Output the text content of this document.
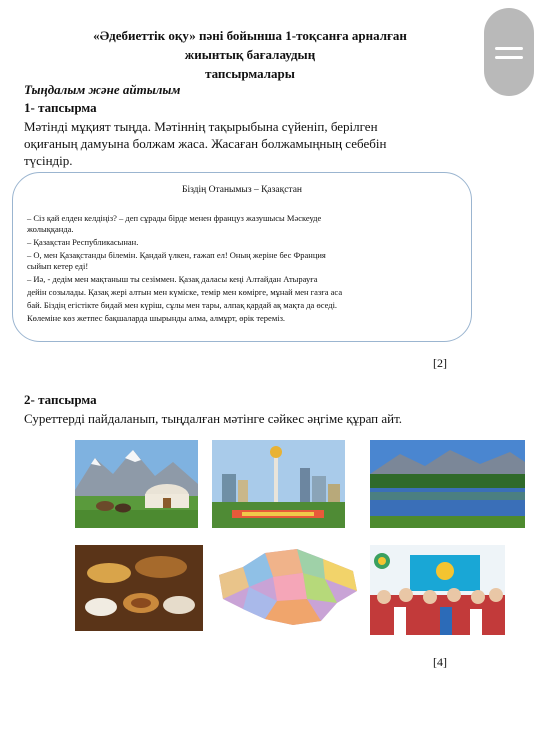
«Әдебиеттік оқу» пәні бойынша 1-тоқсанға арналған
жиынтық бағалаудың
тапсырмалары
Тыңдалым және айтылым
1- тапсырма
Мәтінді мұқият тыңда. Мәтіннің тақырыбына сүйеніп, берілген
оқиғаның дамуына болжам жаса. Жасаған болжамыңның себебін
түсіндір.
Біздің Отанымыз – Қазақстан
– Сіз қай елден келдіңіз? – деп сұрады бірде менен француз жазушысы Мәскеуде
жолыққанда.
– Қазақстан Республикасынан.
– О, мен Қазақстанды білемін. Қандай үлкен, ғажап ел! Оның жеріне бес Франция
сыйып кетер еді!
– Иә, - дедім мен мақтаныш ты сезіммен. Қазақ даласы кеңі Алтайдан Атырауға
дейін созылады. Қазақ жері алтын мен күміске, темір мен көмірге, мұнай мен газға аса
бай. Біздің егістікте бидай мен күріш, сұлы мен тары, алпақ қардай ақ мақта да өседі.
Көлеміне көз жетпес бақшаларда шырынды алма, алмұрт, өрік тереміз.
[2]
2- тапсырма
Суреттерді пайдаланып, тыңдалған мәтінге сәйкес әңгіме құрап айт.
[4]
